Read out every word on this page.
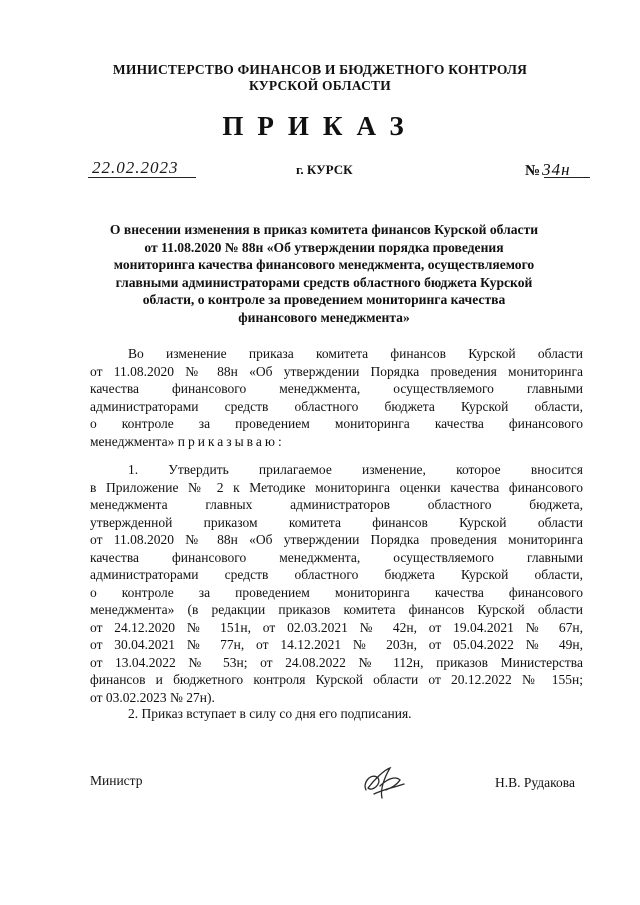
МИНИСТЕРСТВО ФИНАНСОВ И БЮДЖЕТНОГО КОНТРОЛЯ
КУРСКОЙ ОБЛАСТИ
ПРИКАЗ
22.02.2023	г. КУРСК	№ 34н
О внесении изменения в приказ комитета финансов Курской области
от 11.08.2020 № 88н «Об утверждении порядка проведения
мониторинга качества финансового менеджмента, осуществляемого
главными администраторами средств областного бюджета Курской
области, о контроле за проведением мониторинга качества
финансового менеджмента»
Во изменение приказа комитета финансов Курской области
от 11.08.2020 № 88н «Об утверждении Порядка проведения мониторинга
качества финансового менеджмента, осуществляемого главными
администраторами средств областного бюджета Курской области,
о контроле за проведением мониторинга качества финансового
менеджмента» приказываю:
1. Утвердить прилагаемое изменение, которое вносится
в Приложение № 2 к Методике мониторинга оценки качества финансового
менеджмента главных администраторов областного бюджета,
утвержденной приказом комитета финансов Курской области
от 11.08.2020 № 88н «Об утверждении Порядка проведения мониторинга
качества финансового менеджмента, осуществляемого главными
администраторами средств областного бюджета Курской области,
о контроле за проведением мониторинга качества финансового
менеджмента» (в редакции приказов комитета финансов Курской области
от 24.12.2020 № 151н, от 02.03.2021 № 42н, от 19.04.2021 № 67н,
от 30.04.2021 № 77н, от 14.12.2021 № 203н, от 05.04.2022 № 49н,
от 13.04.2022 № 53н; от 24.08.2022 № 112н, приказов Министерства
финансов и бюджетного контроля Курской области от 20.12.2022 № 155н;
от 03.02.2023 № 27н).
2. Приказ вступает в силу со дня его подписания.
Министр	Н.В. Рудакова
